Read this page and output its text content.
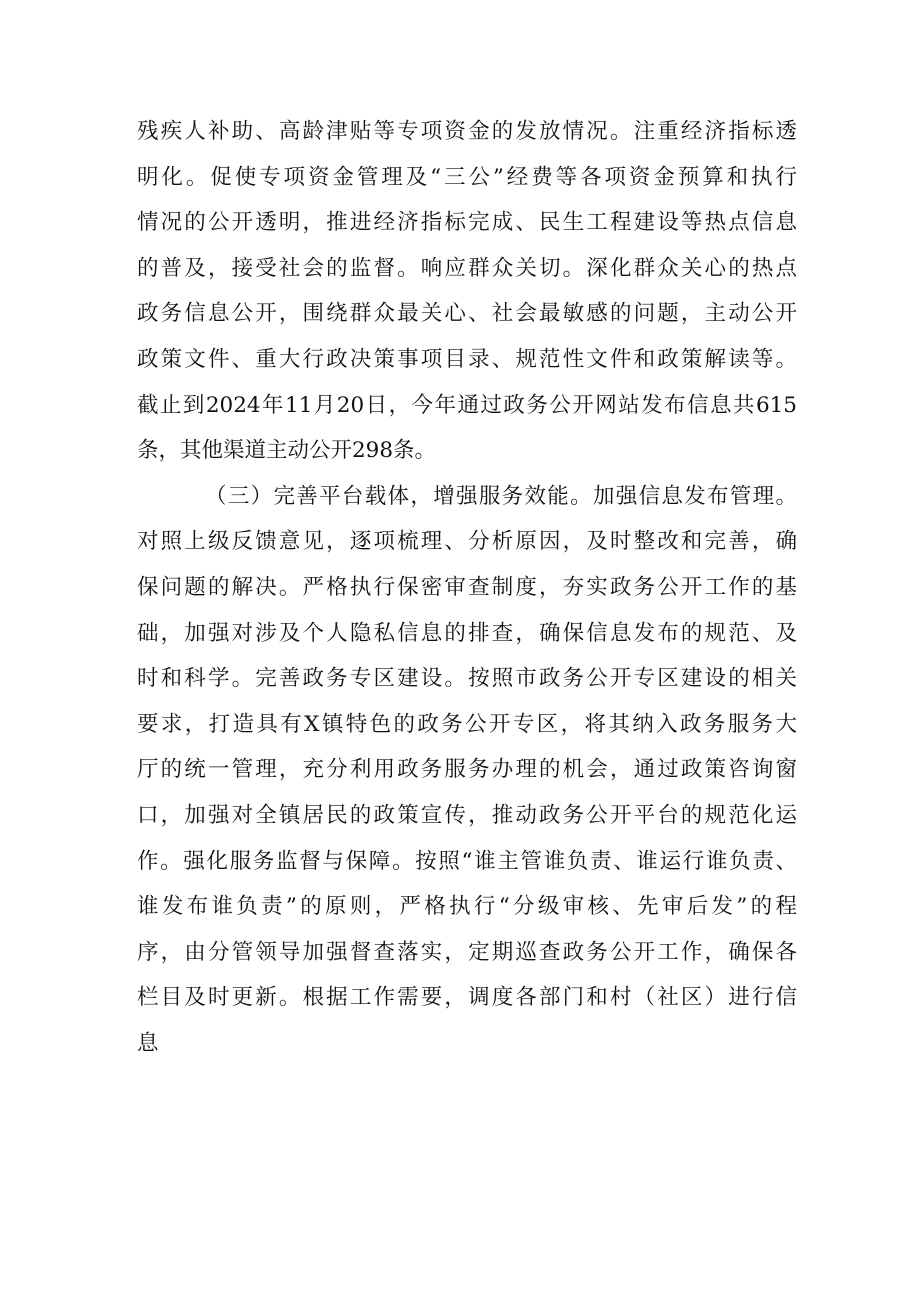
残疾人补助、高龄津贴等专项资金的发放情况。注重经济指标透
明化。促使专项资金管理及“三公”经费等各项资金预算和执行
情况的公开透明，推进经济指标完成、民生工程建设等热点信息
的普及，接受社会的监督。响应群众关切。深化群众关心的热点
政务信息公开，围绕群众最关心、社会最敏感的问题，主动公开
政策文件、重大行政决策事项目录、规范性文件和政策解读等。
截止到2024年11月20日，今年通过政务公开网站发布信息共615
条，其他渠道主动公开298条。
（三）完善平台载体，增强服务效能。加强信息发布管理。
对照上级反馈意见，逐项梳理、分析原因，及时整改和完善，确
保问题的解决。严格执行保密审查制度，夯实政务公开工作的基
础，加强对涉及个人隐私信息的排查，确保信息发布的规范、及
时和科学。完善政务专区建设。按照市政务公开专区建设的相关
要求，打造具有X镇特色的政务公开专区，将其纳入政务服务大
厅的统一管理，充分利用政务服务办理的机会，通过政策咨询窗
口，加强对全镇居民的政策宣传，推动政务公开平台的规范化运
作。强化服务监督与保障。按照“谁主管谁负责、谁运行谁负责、
谁发布谁负责”的原则，严格执行“分级审核、先审后发”的程
序，由分管领导加强督查落实，定期巡查政务公开工作，确保各
栏目及时更新。根据工作需要，调度各部门和村（社区）进行信
息
